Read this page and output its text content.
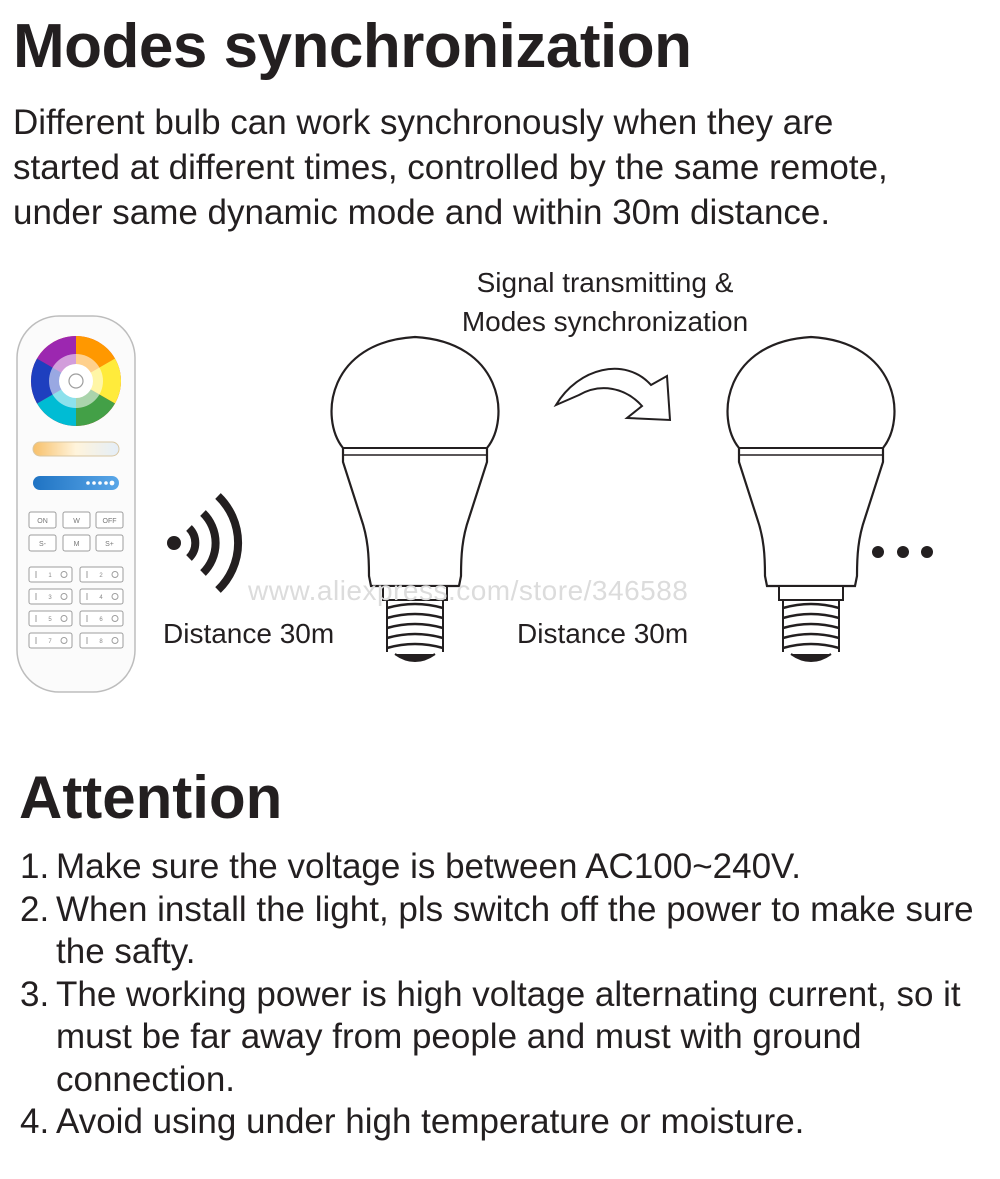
Modes synchronization
Different bulb can work synchronously when they are
started at different times, controlled by the same remote,
under same dynamic mode and within 30m distance.
ON	W	OFF
S-	M	S+
1	2
3	4
5	6
7	8
www.aliexpress.com/store/346588
Signal transmitting &
Modes synchronization
Distance 30m	Distance 30m
Attention
1. Make sure the voltage is between AC100~240V.
2. When install the light, pls switch off the power to make sure the safty.
3. The working power is high voltage alternating current, so it must be far away from people and must with ground connection.
4. Avoid using under high temperature or moisture.
